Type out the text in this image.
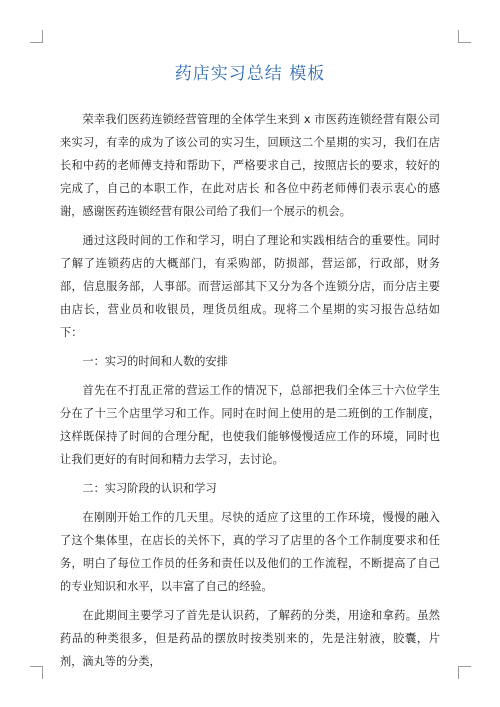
药店实习总结 模板

荣幸我们医药连锁经营管理的全体学生来到 x 市医药连锁经营有限公司来实习，有幸的成为了该公司的实习生，回顾这二个星期的实习，我们在店长和中药的老师傅支持和帮助下，严格要求自己，按照店长的要求，较好的完成了，自己的本职工作，在此对店长 和各位中药老师傅们表示衷心的感谢，感谢医药连锁经营有限公司给了我们一个展示的机会。

通过这段时间的工作和学习，明白了理论和实践相结合的重要性。同时了解了连锁药店的大概部门，有采购部，防损部，营运部，行政部，财务部，信息服务部，人事部。而营运部其下又分为各个连锁分店，而分店主要由店长，营业员和收银员，理货员组成。现将二个星期的实习报告总结如下：

一：实习的时间和人数的安排

首先在不打乱正常的营运工作的情况下，总部把我们全体三十六位学生分在了十三个店里学习和工作。同时在时间上使用的是二班倒的工作制度，这样既保持了时间的合理分配，也使我们能够慢慢适应工作的环境，同时也让我们更好的有时间和精力去学习，去讨论。

二：实习阶段的认识和学习

在刚刚开始工作的几天里。尽快的适应了这里的工作环境，慢慢的融入了这个集体里，在店长的关怀下，真的学习了店里的各个工作制度要求和任务，明白了每位工作员的任务和责任以及他们的工作流程，不断提高了自己的专业知识和水平，以丰富了自己的经验。

在此期间主要学习了首先是认识药，了解药的分类，用途和拿药。虽然药品的种类很多，但是药品的摆放时按类别来的，先是注射液，胶囊，片剂，滴丸等的分类，
